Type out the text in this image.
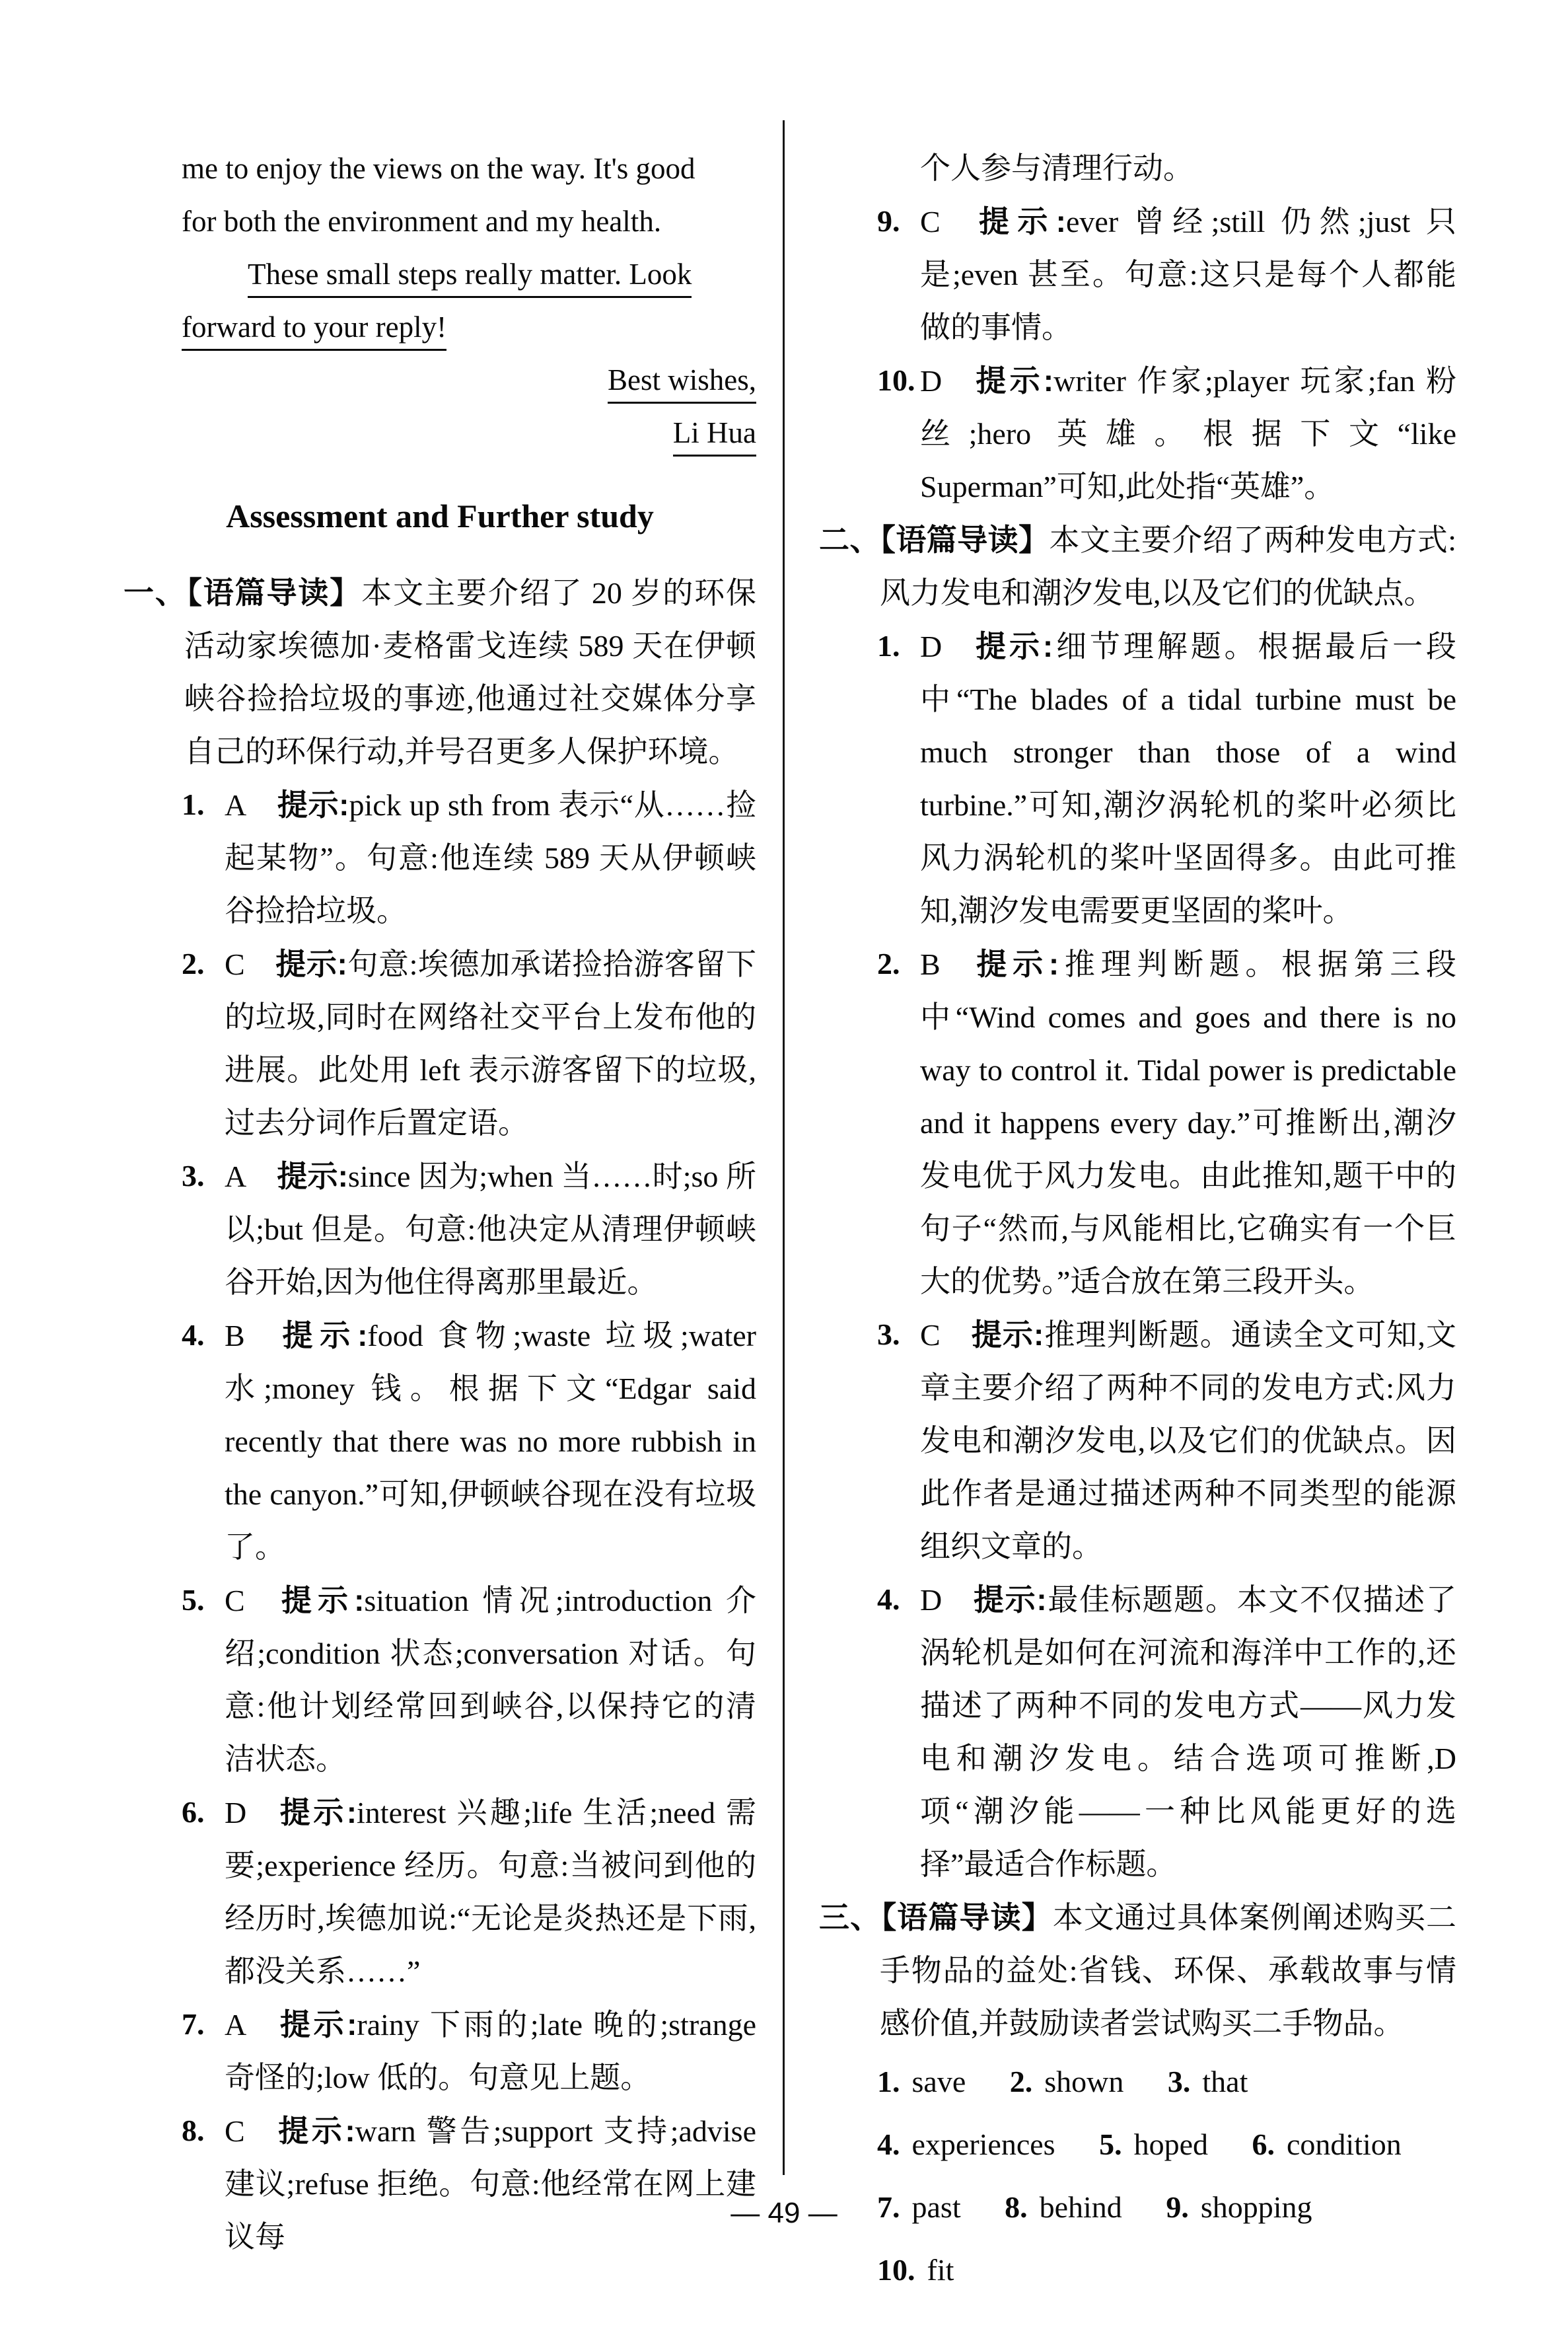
me to enjoy the views on the way. It's good
for both the environment and my health.
These small steps really matter. Look
forward to your reply!
Best wishes,
Li Hua
Assessment and Further study
一、【语篇导读】本文主要介绍了 20 岁的环保活动家埃德加·麦格雷戈连续 589 天在伊顿峡谷捡拾垃圾的事迹,他通过社交媒体分享自己的环保行动,并号召更多人保护环境。
1. A 提示:pick up sth from 表示“从……捡起某物”。句意:他连续 589 天从伊顿峡谷捡拾垃圾。
2. C 提示:句意:埃德加承诺捡拾游客留下的垃圾,同时在网络社交平台上发布他的进展。此处用 left 表示游客留下的垃圾,过去分词作后置定语。
3. A 提示:since 因为;when 当……时;so 所以;but 但是。句意:他决定从清理伊顿峡谷开始,因为他住得离那里最近。
4. B 提示:food 食物;waste 垃圾;water 水;money 钱。根据下文“Edgar said recently that there was no more rubbish in the canyon.”可知,伊顿峡谷现在没有垃圾了。
5. C 提示:situation 情况;introduction 介绍;condition 状态;conversation 对话。句意:他计划经常回到峡谷,以保持它的清洁状态。
6. D 提示:interest 兴趣;life 生活;need 需要;experience 经历。句意:当被问到他的经历时,埃德加说:“无论是炎热还是下雨,都没关系……”
7. A 提示:rainy 下雨的;late 晚的;strange 奇怪的;low 低的。句意见上题。
8. C 提示:warn 警告;support 支持;advise 建议;refuse 拒绝。句意:他经常在网上建议每
个人参与清理行动。
9. C 提示:ever 曾经;still 仍然;just 只是;even 甚至。句意:这只是每个人都能做的事情。
10. D 提示:writer 作家;player 玩家;fan 粉丝;hero 英雄。根据下文“like Superman”可知,此处指“英雄”。
二、【语篇导读】本文主要介绍了两种发电方式:风力发电和潮汐发电,以及它们的优缺点。
1. D 提示:细节理解题。根据最后一段中“The blades of a tidal turbine must be much stronger than those of a wind turbine.”可知,潮汐涡轮机的桨叶必须比风力涡轮机的桨叶坚固得多。由此可推知,潮汐发电需要更坚固的桨叶。
2. B 提示:推理判断题。根据第三段中“Wind comes and goes and there is no way to control it. Tidal power is predictable and it happens every day.”可推断出,潮汐发电优于风力发电。由此推知,题干中的句子“然而,与风能相比,它确实有一个巨大的优势。”适合放在第三段开头。
3. C 提示:推理判断题。通读全文可知,文章主要介绍了两种不同的发电方式:风力发电和潮汐发电,以及它们的优缺点。因此作者是通过描述两种不同类型的能源组织文章的。
4. D 提示:最佳标题题。本文不仅描述了涡轮机是如何在河流和海洋中工作的,还描述了两种不同的发电方式——风力发电和潮汐发电。结合选项可推断,D 项“潮汐能——一种比风能更好的选择”最适合作标题。
三、【语篇导读】本文通过具体案例阐述购买二手物品的益处:省钱、环保、承载故事与情感价值,并鼓励读者尝试购买二手物品。
1. save 2. shown 3. that
4. experiences 5. hoped 6. condition
7. past 8. behind 9. shopping
10. fit
— 49 —
